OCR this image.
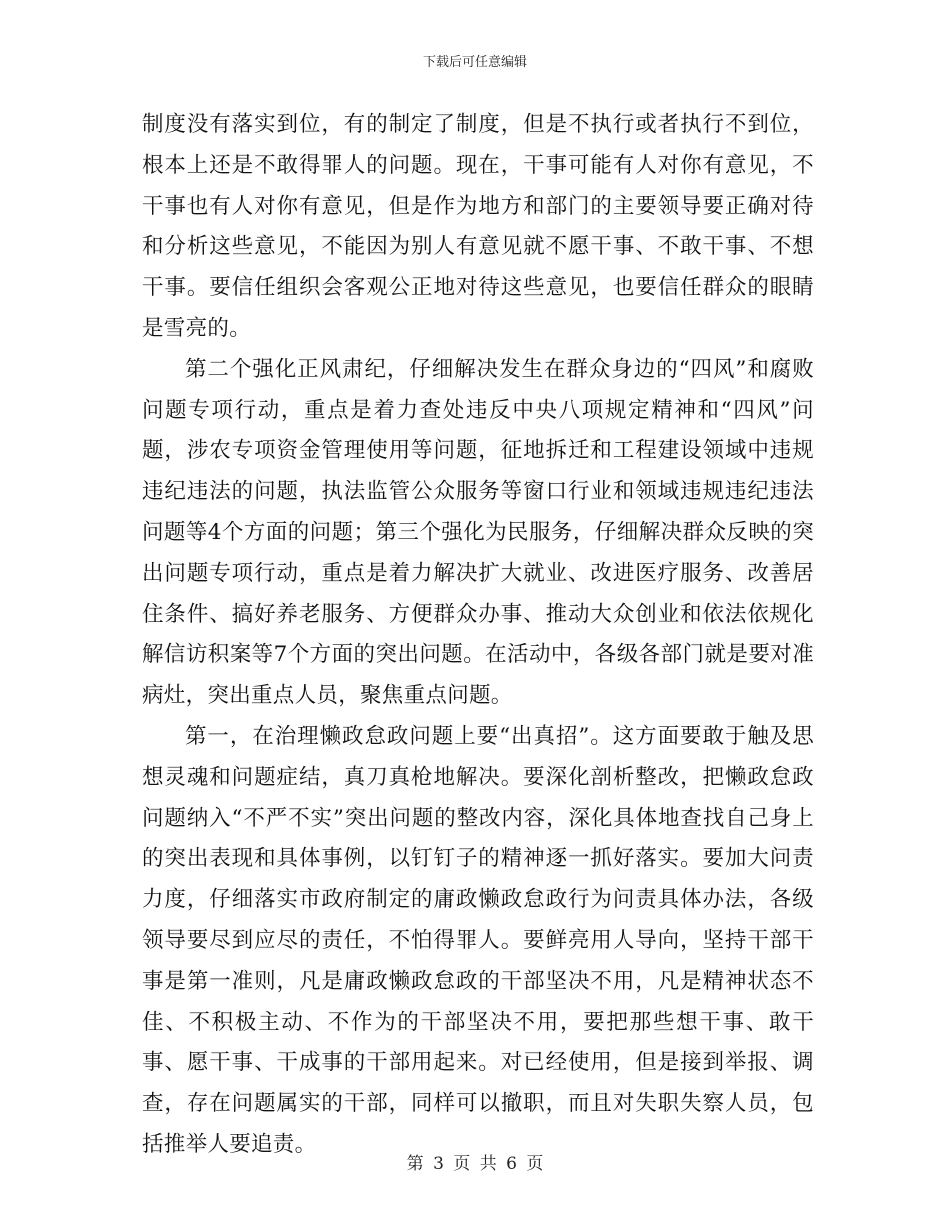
下载后可任意编辑

制度没有落实到位，有的制定了制度，但是不执行或者执行不到位，根本上还是不敢得罪人的问题。现在，干事可能有人对你有意见，不干事也有人对你有意见，但是作为地方和部门的主要领导要正确对待和分析这些意见，不能因为别人有意见就不愿干事、不敢干事、不想干事。要信任组织会客观公正地对待这些意见，也要信任群众的眼睛是雪亮的。

第二个强化正风肃纪，仔细解决发生在群众身边的“四风”和腐败问题专项行动，重点是着力查处违反中央八项规定精神和“四风”问题，涉农专项资金管理使用等问题，征地拆迁和工程建设领域中违规违纪违法的问题，执法监管公众服务等窗口行业和领域违规违纪违法问题等4个方面的问题；第三个强化为民服务，仔细解决群众反映的突出问题专项行动，重点是着力解决扩大就业、改进医疗服务、改善居住条件、搞好养老服务、方便群众办事、推动大众创业和依法依规化解信访积案等7个方面的突出问题。在活动中，各级各部门就是要对准病灶，突出重点人员，聚焦重点问题。

第一，在治理懒政怠政问题上要“出真招”。这方面要敢于触及思想灵魂和问题症结，真刀真枪地解决。要深化剖析整改，把懒政怠政问题纳入“不严不实”突出问题的整改内容，深化具体地查找自己身上的突出表现和具体事例，以钉钉子的精神逐一抓好落实。要加大问责力度，仔细落实市政府制定的庸政懒政怠政行为问责具体办法，各级领导要尽到应尽的责任，不怕得罪人。要鲜亮用人导向，坚持干部干事是第一准则，凡是庸政懒政怠政的干部坚决不用，凡是精神状态不佳、不积极主动、不作为的干部坚决不用，要把那些想干事、敢干事、愿干事、干成事的干部用起来。对已经使用，但是接到举报、调查，存在问题属实的干部，同样可以撤职，而且对失职失察人员，包括推举人要追责。

第 3 页 共 6 页
